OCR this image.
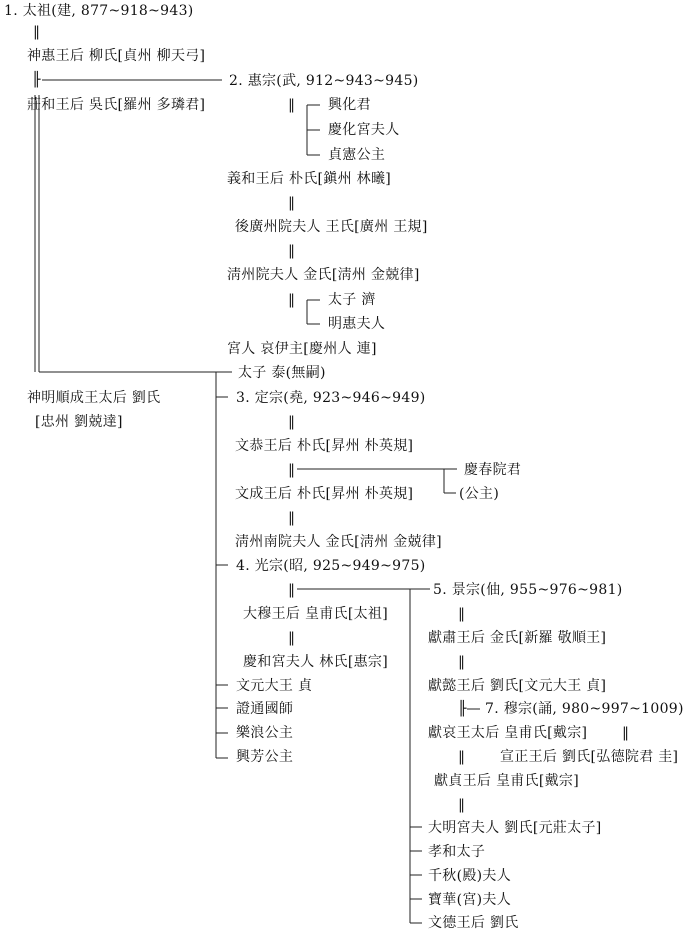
1. 太祖(建, 877~918~943)
‖
神惠王后 柳氏[貞州 柳天弓]
╟	2. 惠宗(武, 912~943~945)
莊和王后 吳氏[羅州 多璘君]	‖ 興化君
慶化宮夫人
貞憲公主
義和王后 朴氏[鎭州 林曦]
‖
後廣州院夫人 王氏[廣州 王規]
‖
淸州院夫人 金氏[淸州 金兢律]
‖ 太子 濟
明惠夫人
宮人 哀伊主[慶州人 連]
太子 泰(無嗣)
神明順成王太后 劉氏
[忠州 劉兢達]
3. 定宗(堯, 923~946~949)
‖
文恭王后 朴氏[昇州 朴英規]
‖	慶春院君
文成王后 朴氏[昇州 朴英規]	(公主)
‖
淸州南院夫人 金氏[淸州 金兢律]
4. 光宗(昭, 925~949~975)
‖	5. 景宗(伷, 955~976~981)
大穆王后 皇甫氏[太祖]	‖
‖	獻肅王后 金氏[新羅 敬順王]
‖
慶和宮夫人 林氏[惠宗]
文元大王 貞	獻懿王后 劉氏[文元大王 貞]
證通國師	╟ 7. 穆宗(誦, 980~997~1009)
樂浪公主	獻哀王太后 皇甫氏[戴宗] ‖
興芳公主	‖ 宣正王后 劉氏[弘德院君 圭]
獻貞王后 皇甫氏[戴宗]
‖
大明宮夫人 劉氏[元莊太子]
孝和太子
千秋(殿)夫人
寶華(宮)夫人
文德王后 劉氏
